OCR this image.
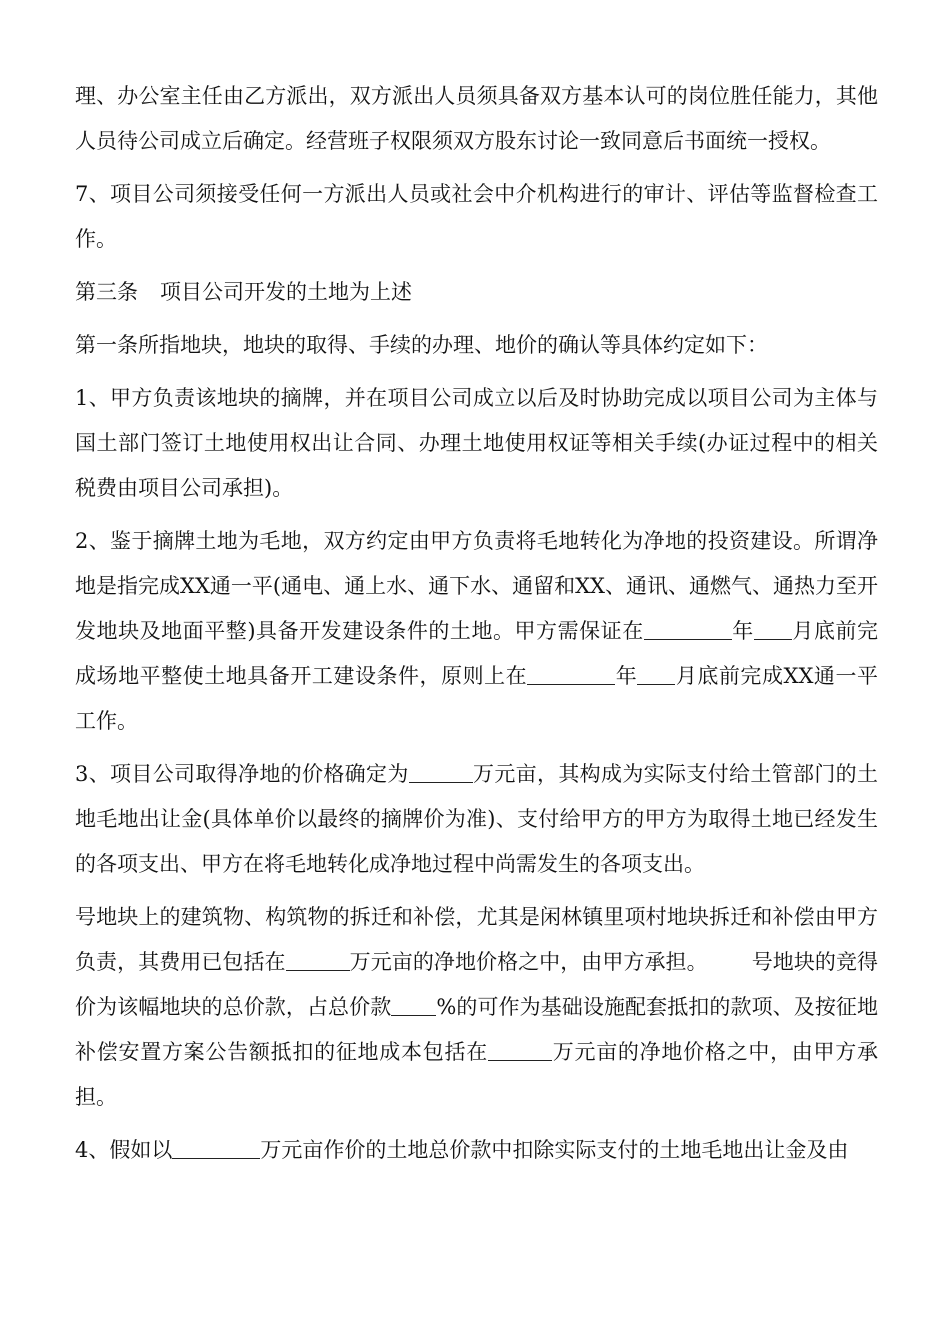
理、办公室主任由乙方派出，双方派出人员须具备双方基本认可的岗位胜任能力，其他人员待公司成立后确定。经营班子权限须双方股东讨论一致同意后书面统一授权。

7、项目公司须接受任何一方派出人员或社会中介机构进行的审计、评估等监督检查工作。

第三条 项目公司开发的土地为上述

第一条所指地块，地块的取得、手续的办理、地价的确认等具体约定如下：

1、甲方负责该地块的摘牌，并在项目公司成立以后及时协助完成以项目公司为主体与国土部门签订土地使用权出让合同、办理土地使用权证等相关手续(办证过程中的相关税费由项目公司承担)。

2、鉴于摘牌土地为毛地，双方约定由甲方负责将毛地转化为净地的投资建设。所谓净地是指完成XX通一平(通电、通上水、通下水、通留和XX、通讯、通燃气、通热力至开发地块及地面平整)具备开发建设条件的土地。甲方需保证在	年 月底前完成场地平整使土地具备开工建设条件，原则上在	年 月底前完成XX通一平工作。

3、项目公司取得净地的价格确定为	万元亩，其构成为实际支付给土管部门的土地毛地出让金(具体单价以最终的摘牌价为准)、支付给甲方的甲方为取得土地已经发生的各项支出、甲方在将毛地转化成净地过程中尚需发生的各项支出。

号地块上的建筑物、构筑物的拆迁和补偿，尤其是闲林镇里项村地块拆迁和补偿由甲方负责，其费用已包括在	万元亩的净地价格之中，由甲方承担。 号地块的竞得价为该幅地块的总价款，占总价款 %的可作为基础设施配套抵扣的款项、及按征地补偿安置方案公告额抵扣的征地成本包括在	万元亩的净地价格之中，由甲方承担。

4、假如以	万元亩作价的土地总价款中扣除实际支付的土地毛地出让金及由
